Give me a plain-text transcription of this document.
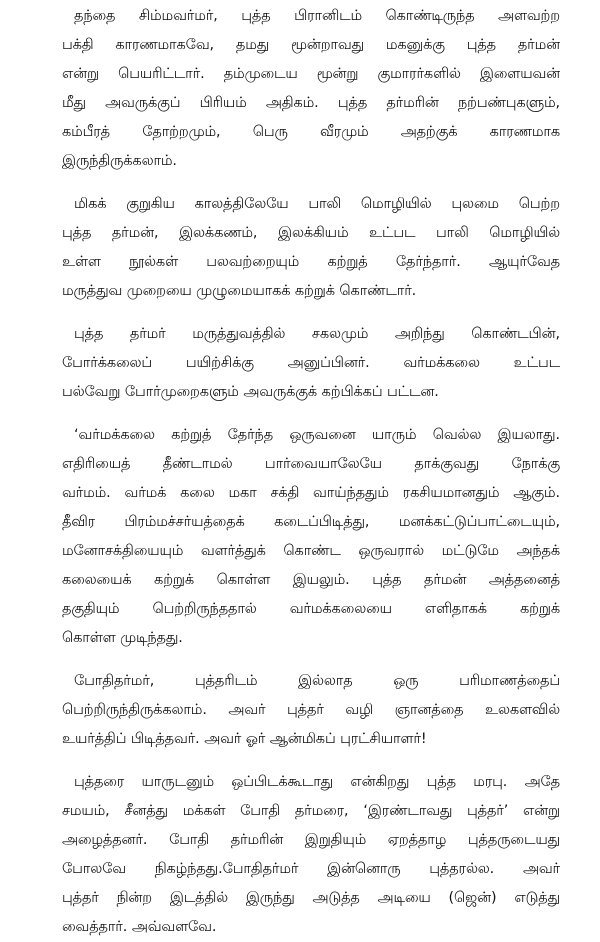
தந்தை சிம்மவர்மர், புத்த பிரானிடம் கொண்டிருந்த அளவற்ற
பக்தி காரணமாகவே, தமது மூன்றாவது மகனுக்கு புத்த தர்மன்
என்று பெயரிட்டார். தம்முடைய மூன்று குமாரர்களில் இளையவன்
மீது அவருக்குப் பிரியம் அதிகம். புத்த தர்மரின் நற்பண்புகளும்,
கம்பீரத் தோற்றமும், பெரு வீரமும் அதற்குக் காரணமாக
இருந்திருக்கலாம்.
மிகக் குறுகிய காலத்திலேயே பாலி மொழியில் புலமை பெற்ற
புத்த தர்மன், இலக்கணம், இலக்கியம் உட்பட பாலி மொழியில்
உள்ள நூல்கள் பலவற்றையும் கற்றுத் தேர்ந்தார். ஆயுர்வேத
மருத்துவ முறையை முழுமையாகக் கற்றுக் கொண்டார்.
புத்த தர்மர் மருத்துவத்தில் சகலமும் அறிந்து கொண்டபின்,
போர்க்கலைப் பயிற்சிக்கு அனுப்பினர். வர்மக்கலை உட்பட
பல்வேறு போர்முறைகளும் அவருக்குக் கற்பிக்கப் பட்டன.
‘வர்மக்கலை கற்றுத் தேர்ந்த ஒருவனை யாரும் வெல்ல இயலாது.
எதிரியைத் தீண்டாமல் பார்வையாலேயே தாக்குவது நோக்கு
வர்மம். வர்மக் கலை மகா சக்தி வாய்ந்ததும் ரகசியமானதும் ஆகும்.
தீவிர பிரம்மச்சர்யத்தைக் கடைப்பிடித்து, மனக்கட்டுப்பாட்டையும்,
மனோசக்தியையும் வளர்த்துக் கொண்ட ஒருவரால் மட்டுமே அந்தக்
கலையைக் கற்றுக் கொள்ள இயலும். புத்த தர்மன் அத்தனைத்
தகுதியும் பெற்றிருந்ததால் வர்மக்கலையை எளிதாகக் கற்றுக்
கொள்ள முடிந்தது.
போதிதர்மர், புத்தரிடம் இல்லாத ஒரு பரிமாணத்தைப்
பெற்றிருந்திருக்கலாம். அவர் புத்தர் வழி ஞானத்தை உலகளவில்
உயர்த்திப் பிடித்தவர். அவர் ஓர் ஆன்மிகப் புரட்சியாளர்!
புத்தரை யாருடனும் ஒப்பிடக்கூடாது என்கிறது புத்த மரபு. அதே
சமயம், சீனத்து மக்கள் போதி தர்மரை, ‘இரண்டாவது புத்தர்’ என்று
அழைத்தனர். போதி தர்மரின் இறுதியும் ஏறத்தாழ புத்தருடையது
போலவே நிகழ்ந்தது.போதிதர்மர் இன்னொரு புத்தரல்ல. அவர்
புத்தர் நின்ற இடத்தில் இருந்து அடுத்த அடியை (ஜென்) எடுத்து
வைத்தார். அவ்வளவே.
